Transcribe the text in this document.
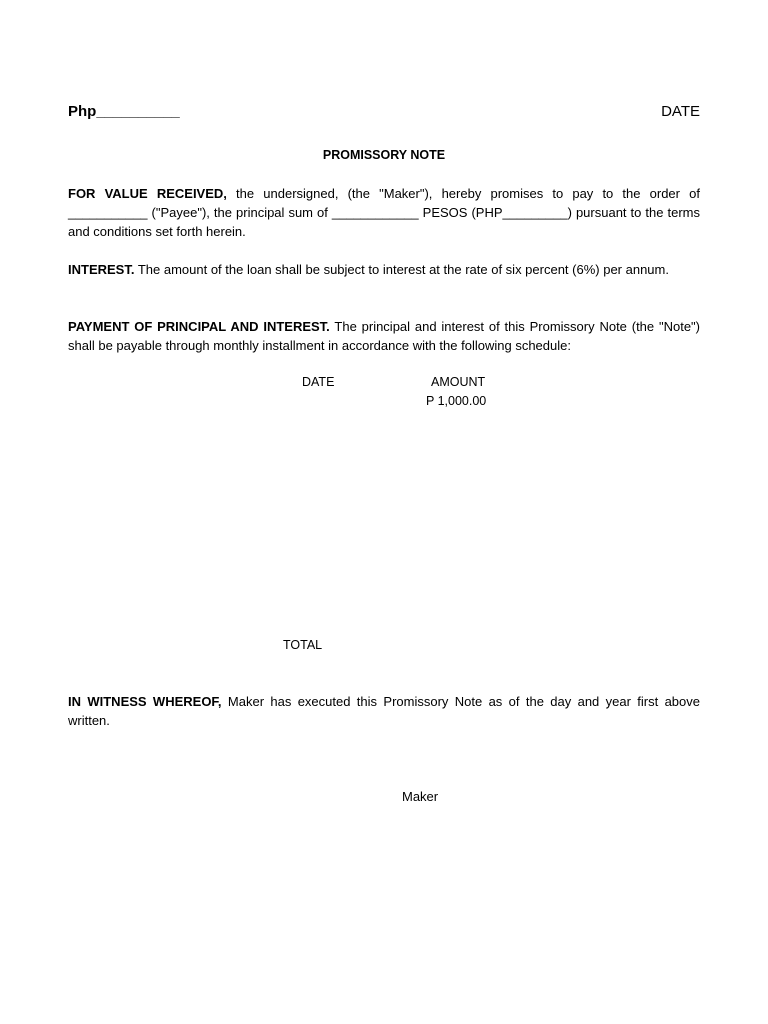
Php__________	DATE
PROMISSORY NOTE
FOR VALUE RECEIVED, the undersigned, (the "Maker"), hereby promises to pay to the order of ___________ ("Payee"), the principal sum of ____________ PESOS (PHP_________) pursuant to the terms and conditions set forth herein.
INTEREST. The amount of the loan shall be subject to interest at the rate of six percent (6%) per annum.
PAYMENT OF PRINCIPAL AND INTEREST. The principal and interest of this Promissory Note (the "Note") shall be payable through monthly installment in accordance with the following schedule:
DATE	AMOUNT
P 1,000.00
TOTAL
IN WITNESS WHEREOF, Maker has executed this Promissory Note as of the day and year first above written.
Maker
